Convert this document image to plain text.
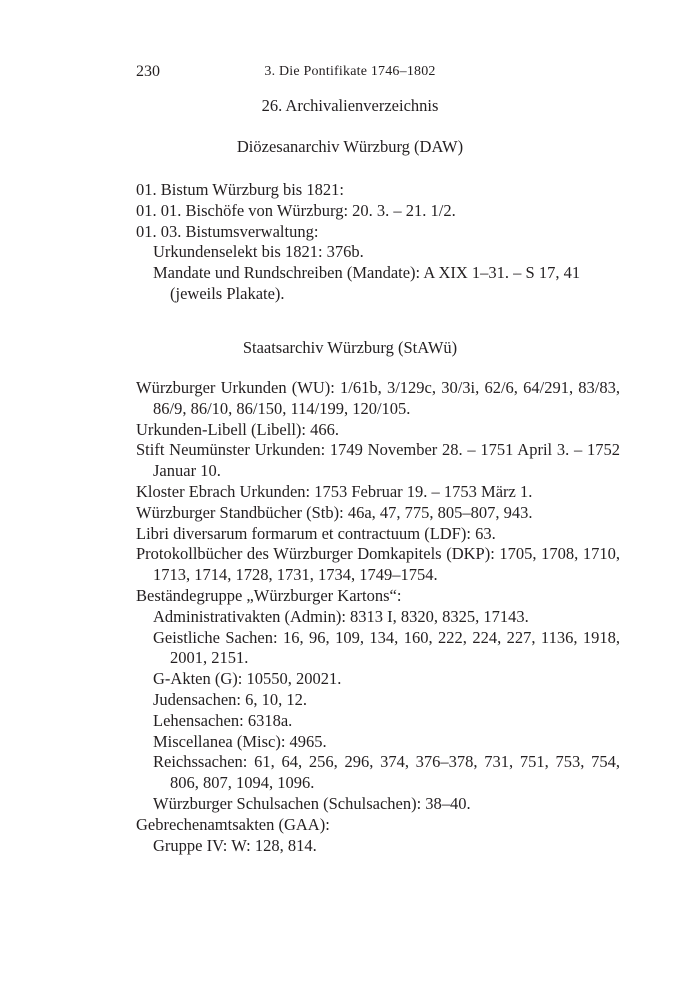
230	3. Die Pontifikate 1746–1802
26. Archivalienverzeichnis
Diözesanarchiv Würzburg (DAW)
01. Bistum Würzburg bis 1821:
01. 01. Bischöfe von Würzburg: 20. 3. – 21. 1/2.
01. 03. Bistumsverwaltung:
Urkundenselekt bis 1821: 376b.
Mandate und Rundschreiben (Mandate): A XIX 1–31. – S 17, 41 (jeweils Plakate).
Staatsarchiv Würzburg (StAWü)
Würzburger Urkunden (WU): 1/61b, 3/129c, 30/3i, 62/6, 64/291, 83/83, 86/9, 86/10, 86/150, 114/199, 120/105.
Urkunden-Libell (Libell): 466.
Stift Neumünster Urkunden: 1749 November 28. – 1751 April 3. – 1752 Januar 10.
Kloster Ebrach Urkunden: 1753 Februar 19. – 1753 März 1.
Würzburger Standbücher (Stb): 46a, 47, 775, 805–807, 943.
Libri diversarum formarum et contractuum (LDF): 63.
Protokollbücher des Würzburger Domkapitels (DKP): 1705, 1708, 1710, 1713, 1714, 1728, 1731, 1734, 1749–1754.
Beständegruppe „Würzburger Kartons“:
Administrativakten (Admin): 8313 I, 8320, 8325, 17143.
Geistliche Sachen: 16, 96, 109, 134, 160, 222, 224, 227, 1136, 1918, 2001, 2151.
G-Akten (G): 10550, 20021.
Judensachen: 6, 10, 12.
Lehensachen: 6318a.
Miscellanea (Misc): 4965.
Reichssachen: 61, 64, 256, 296, 374, 376–378, 731, 751, 753, 754, 806, 807, 1094, 1096.
Würzburger Schulsachen (Schulsachen): 38–40.
Gebrechenamtsakten (GAA):
Gruppe IV: W: 128, 814.
